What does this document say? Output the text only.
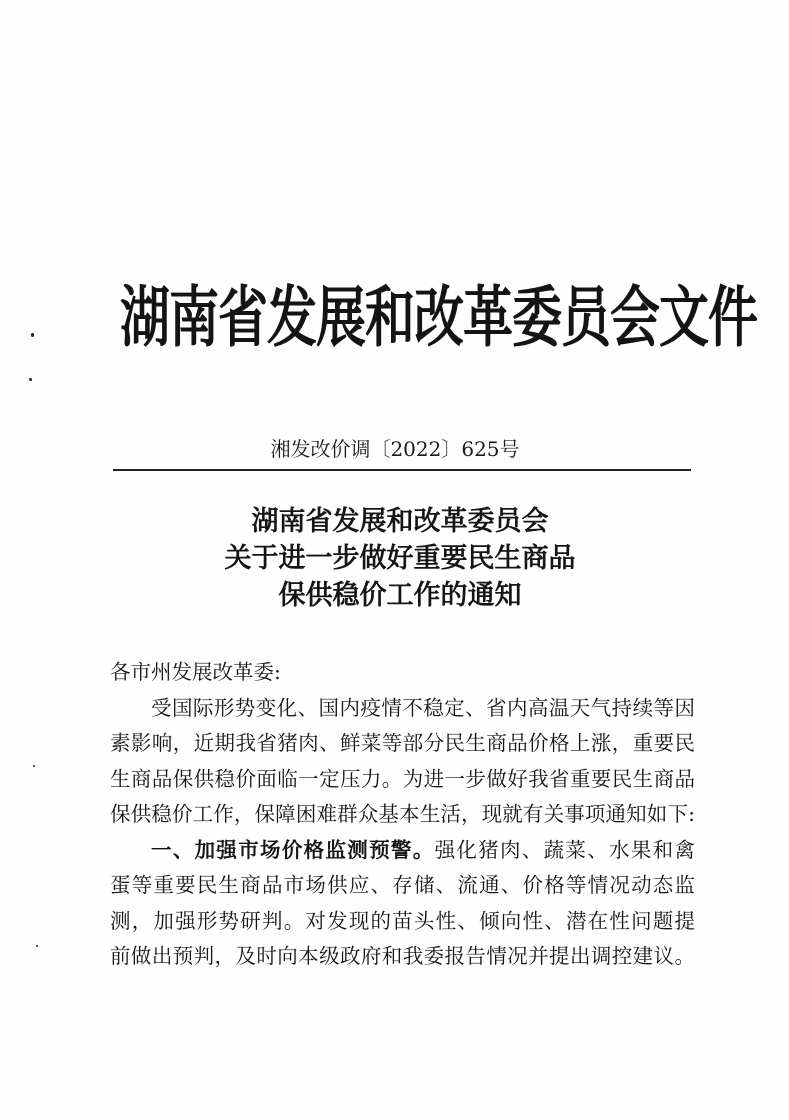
湖南省发展和改革委员会文件
湘发改价调〔2022〕625号
湖南省发展和改革委员会
关于进一步做好重要民生商品
保供稳价工作的通知
各市州发展改革委:
受国际形势变化、国内疫情不稳定、省内高温天气持续等因
素影响，近期我省猪肉、鲜菜等部分民生商品价格上涨，重要民
生商品保供稳价面临一定压力。为进一步做好我省重要民生商品
保供稳价工作，保障困难群众基本生活，现就有关事项通知如下:
一、加强市场价格监测预警。强化猪肉、蔬菜、水果和禽
蛋等重要民生商品市场供应、存储、流通、价格等情况动态监
测，加强形势研判。对发现的苗头性、倾向性、潜在性问题提
前做出预判，及时向本级政府和我委报告情况并提出调控建议。
